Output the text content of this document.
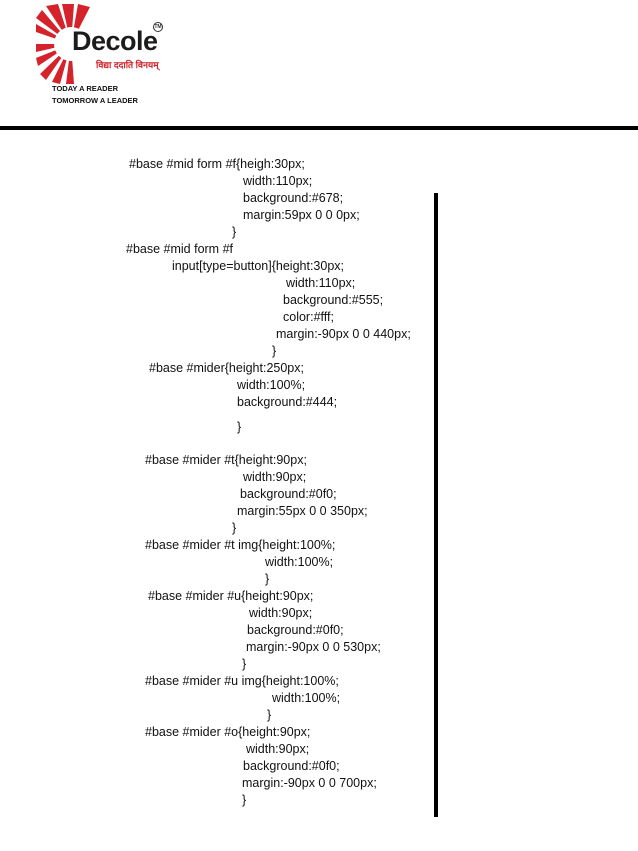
Decole
TM
विद्या ददाति विनयम्
TODAY A READER
TOMORROW A LEADER
#base #mid form #f{heigh:30px;
width:110px;
background:#678;
margin:59px 0 0 0px;
}
#base #mid form #f
input[type=button]{height:30px;
width:110px;
background:#555;
color:#fff;
margin:-90px 0 0 440px;
}
#base #mider{height:250px;
width:100%;
background:#444;
}
#base #mider #t{height:90px;
width:90px;
background:#0f0;
margin:55px 0 0 350px;
}
#base #mider #t img{height:100%;
width:100%;
}
#base #mider #u{height:90px;
width:90px;
background:#0f0;
margin:-90px 0 0 530px;
}
#base #mider #u img{height:100%;
width:100%;
}
#base #mider #o{height:90px;
width:90px;
background:#0f0;
margin:-90px 0 0 700px;
}
